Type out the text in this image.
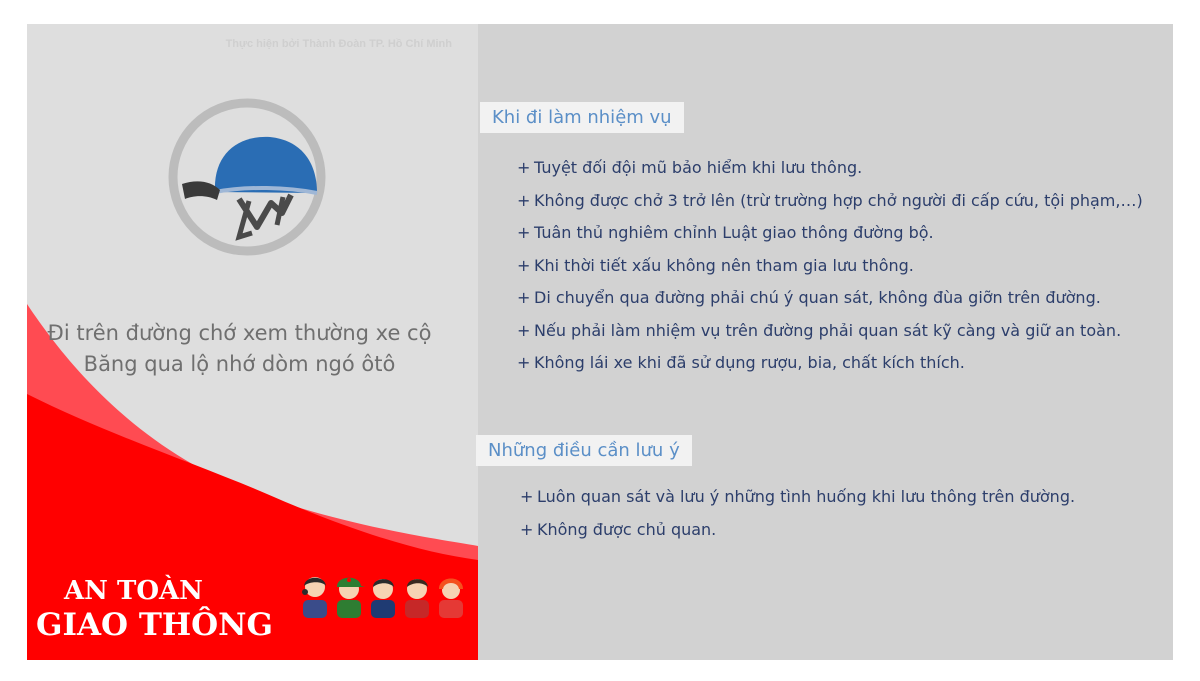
Thực hiện bởi Thành Đoàn TP. Hồ Chí Minh
Đi trên đường chớ xem thường xe cộ
Băng qua lộ nhớ dòm ngó ôtô
AN TOÀN
GIAO THÔNG
Khi đi làm nhiệm vụ
+ Tuyệt đối đội mũ bảo hiểm khi lưu thông.
+ Không được chở 3 trở lên (trừ trường hợp chở người đi cấp cứu, tội phạm,…)
+ Tuân thủ nghiêm chỉnh Luật giao thông đường bộ.
+ Khi thời tiết xấu không nên tham gia lưu thông.
+ Di chuyển qua đường phải chú ý quan sát, không đùa giỡn trên đường.
+ Nếu phải làm nhiệm vụ trên đường phải quan sát kỹ càng và giữ an toàn.
+ Không lái xe khi đã sử dụng rượu, bia, chất kích thích.
Những điều cần lưu ý
+ Luôn quan sát và lưu ý những tình huống khi lưu thông trên đường.
+ Không được chủ quan.
